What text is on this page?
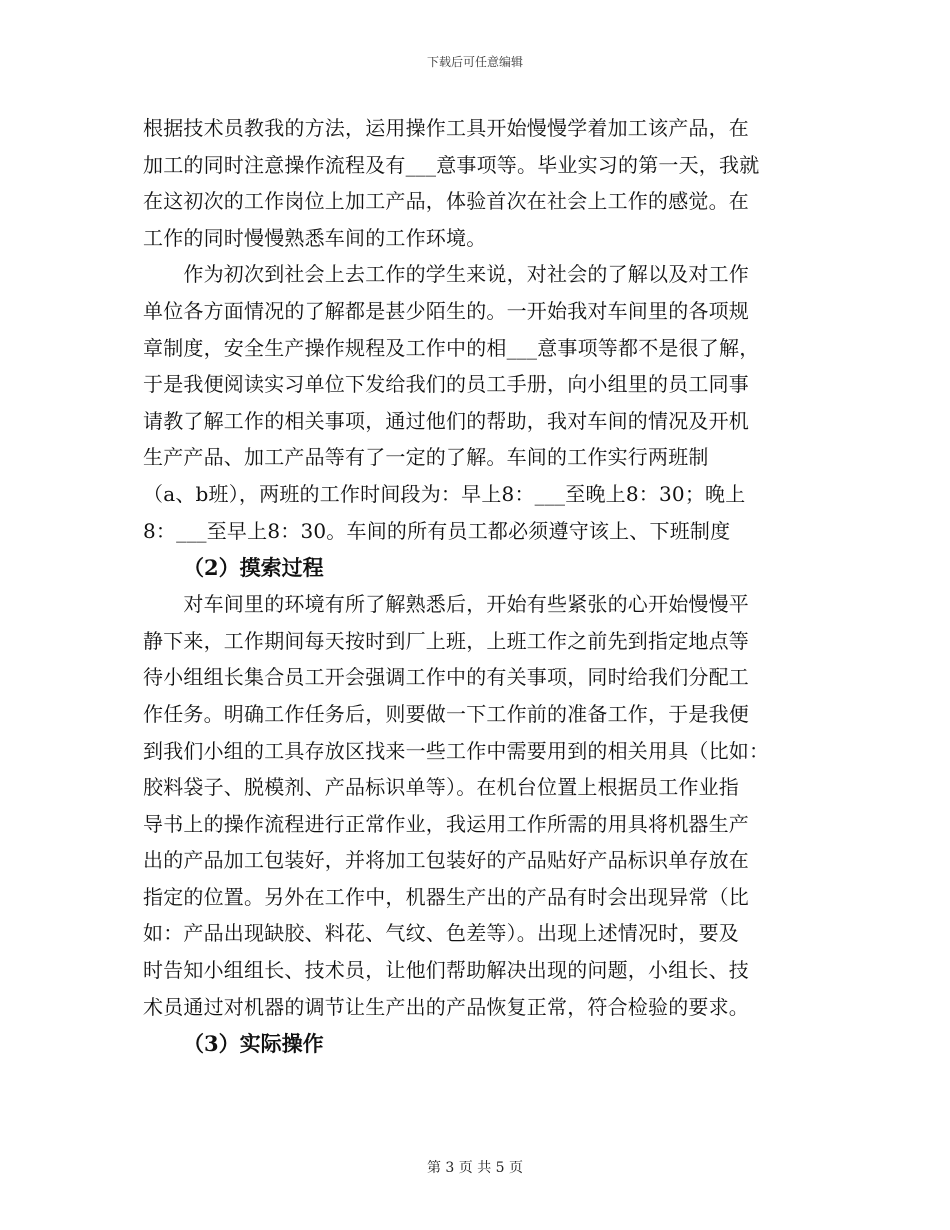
下载后可任意编辑
根据技术员教我的方法，运用操作工具开始慢慢学着加工该产品，在
加工的同时注意操作流程及有___意事项等。毕业实习的第一天，我就
在这初次的工作岗位上加工产品，体验首次在社会上工作的感觉。在
工作的同时慢慢熟悉车间的工作环境。
　　作为初次到社会上去工作的学生来说，对社会的了解以及对工作
单位各方面情况的了解都是甚少陌生的。一开始我对车间里的各项规
章制度，安全生产操作规程及工作中的相___意事项等都不是很了解，
于是我便阅读实习单位下发给我们的员工手册，向小组里的员工同事
请教了解工作的相关事项，通过他们的帮助，我对车间的情况及开机
生产产品、加工产品等有了一定的了解。车间的工作实行两班制
（a、b班），两班的工作时间段为：早上8：___至晚上8：30；晚上
8：___至早上8：30。车间的所有员工都必须遵守该上、下班制度
（2）摸索过程
　　对车间里的环境有所了解熟悉后，开始有些紧张的心开始慢慢平
静下来，工作期间每天按时到厂上班，上班工作之前先到指定地点等
待小组组长集合员工开会强调工作中的有关事项，同时给我们分配工
作任务。明确工作任务后，则要做一下工作前的准备工作，于是我便
到我们小组的工具存放区找来一些工作中需要用到的相关用具（比如：
胶料袋子、脱模剂、产品标识单等）。在机台位置上根据员工作业指
导书上的操作流程进行正常作业，我运用工作所需的用具将机器生产
出的产品加工包装好，并将加工包装好的产品贴好产品标识单存放在
指定的位置。另外在工作中，机器生产出的产品有时会出现异常（比
如：产品出现缺胶、料花、气纹、色差等）。出现上述情况时，要及
时告知小组组长、技术员，让他们帮助解决出现的问题，小组长、技
术员通过对机器的调节让生产出的产品恢复正常，符合检验的要求。
（3）实际操作
第 3 页 共 5 页
